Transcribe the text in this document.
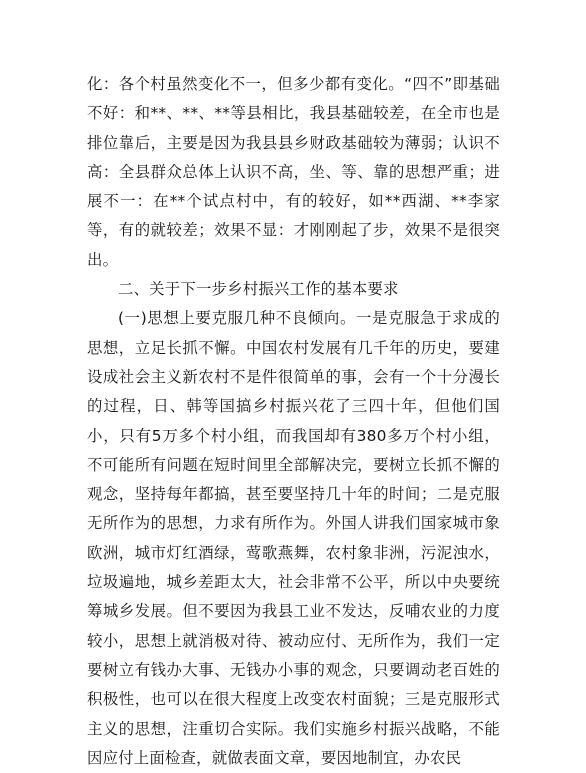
化：各个村虽然变化不一，但多少都有变化。“四不”即基础不好：和**、**、**等县相比，我县基础较差，在全市也是排位靠后，主要是因为我县县乡财政基础较为薄弱；认识不高：全县群众总体上认识不高，坐、等、靠的思想严重；进展不一：在**个试点村中，有的较好，如**西湖、**李家等，有的就较差；效果不显：才刚刚起了步，效果不是很突出。

二、关于下一步乡村振兴工作的基本要求

(一)思想上要克服几种不良倾向。一是克服急于求成的思想，立足长抓不懈。中国农村发展有几千年的历史，要建设成社会主义新农村不是件很简单的事，会有一个十分漫长的过程，日、韩等国搞乡村振兴花了三四十年，但他们国小，只有5万多个村小组，而我国却有380多万个村小组，不可能所有问题在短时间里全部解决完，要树立长抓不懈的观念，坚持每年都搞，甚至要坚持几十年的时间；二是克服无所作为的思想，力求有所作为。外国人讲我们国家城市象欧洲，城市灯红酒绿，莺歌燕舞，农村象非洲，污泥浊水，垃圾遍地，城乡差距太大，社会非常不公平，所以中央要统筹城乡发展。但不要因为我县工业不发达，反哺农业的力度较小，思想上就消极对待、被动应付、无所作为，我们一定要树立有钱办大事、无钱办小事的观念，只要调动老百姓的积极性，也可以在很大程度上改变农村面貌；三是克服形式主义的思想，注重切合实际。我们实施乡村振兴战略，不能因应付上面检查，就做表面文章，要因地制宜，办农民
